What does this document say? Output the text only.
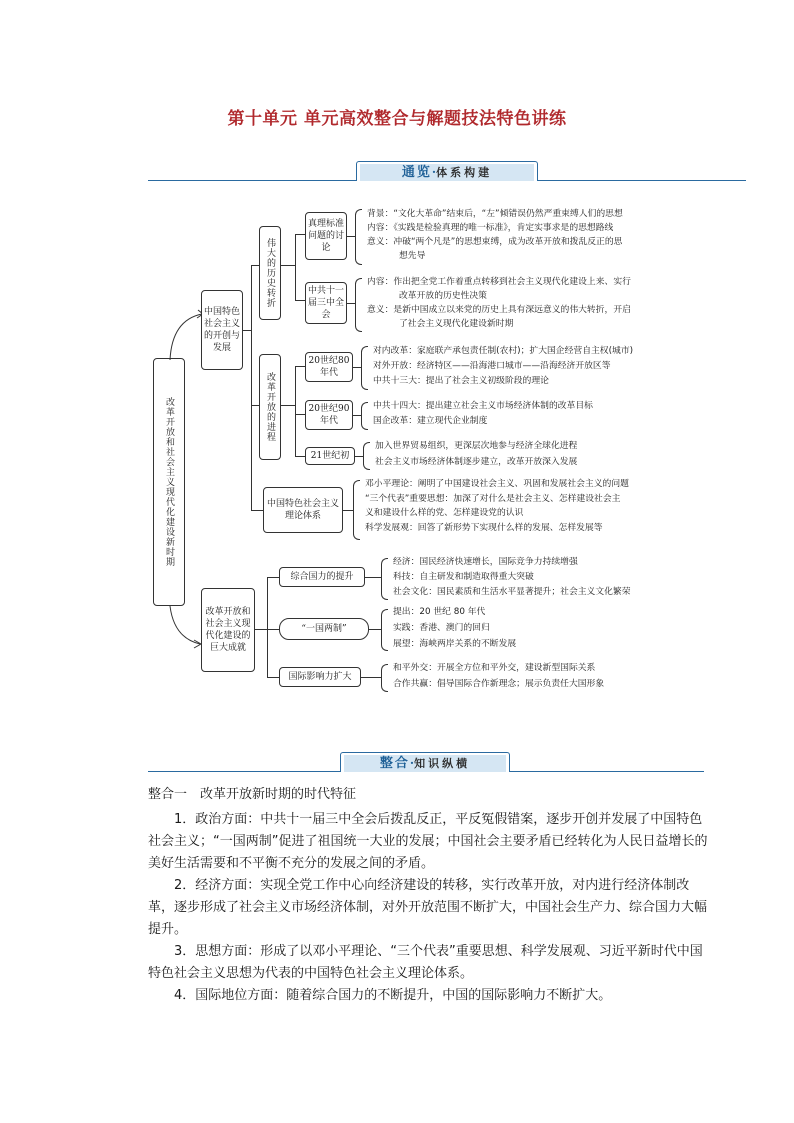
第十单元 单元高效整合与解题技法特色讲练
通览·体系构建
改革开放和社会主义现代化建设新时期
中国特色社会主义的开创与发展
改革开放和社会主义现代化建设的巨大成就
伟大的历史转折
改革开放的进程
中国特色社会主义理论体系
真理标准问题的讨论
中共十一届三中全会
20世纪80年代
20世纪90年代
21世纪初
背景：“文化大革命”结束后，“左”倾错误仍然严重束缚人们的思想
内容：《实践是检验真理的唯一标准》，肯定实事求是的思想路线
意义：冲破“两个凡是”的思想束缚，成为改革开放和拨乱反正的思
想先导
内容：作出把全党工作着重点转移到社会主义现代化建设上来、实行
改革开放的历史性决策
意义：是新中国成立以来党的历史上具有深远意义的伟大转折，开启
了社会主义现代化建设新时期
对内改革：家庭联产承包责任制(农村)；扩大国企经营自主权(城市)
对外开放：经济特区——沿海港口城市——沿海经济开放区等
中共十三大：提出了社会主义初级阶段的理论
中共十四大：提出建立社会主义市场经济体制的改革目标
国企改革：建立现代企业制度
加入世界贸易组织，更深层次地参与经济全球化进程
社会主义市场经济体制逐步建立，改革开放深入发展
邓小平理论：阐明了中国建设社会主义、巩固和发展社会主义的问题
“三个代表”重要思想：加深了对什么是社会主义、怎样建设社会主
义和建设什么样的党、怎样建设党的认识
科学发展观：回答了新形势下实现什么样的发展、怎样发展等
综合国力的提升
“一国两制”
国际影响力扩大
经济：国民经济快速增长，国际竞争力持续增强
科技：自主研发和制造取得重大突破
社会文化：国民素质和生活水平显著提升；社会主义文化繁荣
提出：20 世纪 80 年代
实践：香港、澳门的回归
展望：海峡两岸关系的不断发展
和平外交：开展全方位和平外交，建设新型国际关系
合作共赢：倡导国际合作新理念；展示负责任大国形象
整合·知识纵横

整合一　改革开放新时期的时代特征

1．政治方面：中共十一届三中全会后拨乱反正，平反冤假错案，逐步开创并发展了中国特色社会主义；“一国两制”促进了祖国统一大业的发展；中国社会主要矛盾已经转化为人民日益增长的美好生活需要和不平衡不充分的发展之间的矛盾。

2．经济方面：实现全党工作中心向经济建设的转移，实行改革开放，对内进行经济体制改革，逐步形成了社会主义市场经济体制，对外开放范围不断扩大，中国社会生产力、综合国力大幅提升。

3．思想方面：形成了以邓小平理论、“三个代表”重要思想、科学发展观、习近平新时代中国特色社会主义思想为代表的中国特色社会主义理论体系。

4．国际地位方面：随着综合国力的不断提升，中国的国际影响力不断扩大。
